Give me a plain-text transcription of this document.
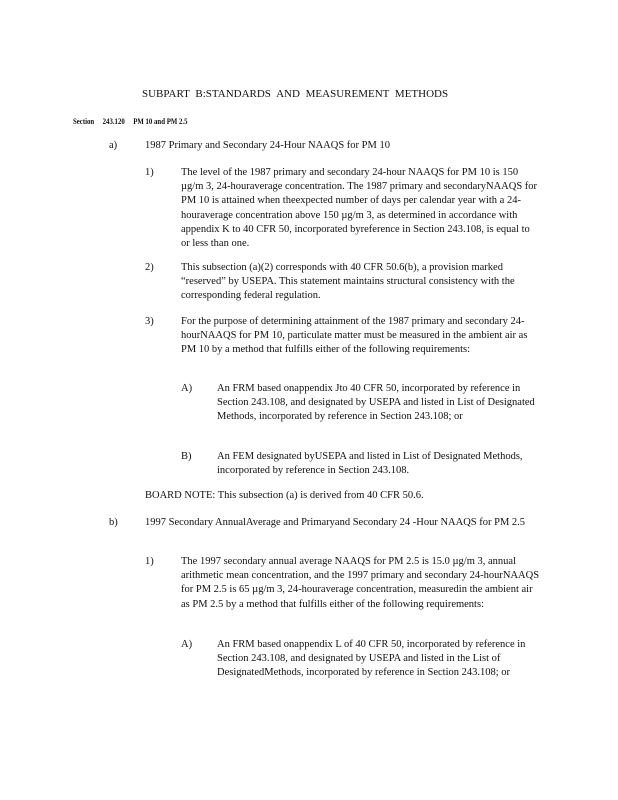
SUBPART B:STANDARDS AND MEASUREMENT METHODS
Section 243.120 PM 10 and PM 2.5
a)	1987 Primary and Secondary 24-Hour NAAQS for PM 10
1)	The level of the 1987 primary and secondary 24-hour NAAQS for PM 10 is 150 µg/m 3, 24-houraverage concentration. The 1987 primary and secondaryNAAQS for PM 10 is attained when theexpected number of days per calendar year with a 24-houraverage concentration above 150 µg/m 3, as determined in accordance with appendix K to 40 CFR 50, incorporated byreference in Section 243.108, is equal to or less than one.

2)	This subsection (a)(2) corresponds with 40 CFR 50.6(b), a provision marked “reserved” by USEPA. This statement maintains structural consistency with the corresponding federal regulation.

3)	For the purpose of determining attainment of the 1987 primary and secondary 24-hourNAAQS for PM 10, particulate matter must be measured in the ambient air as PM 10 by a method that fulfills either of the following requirements:

A) An FRM based onappendix Jto 40 CFR 50, incorporated by reference in Section 243.108, and designated by USEPA and listed in List of Designated Methods, incorporated by reference in Section 243.108; or

B) An FEM designated byUSEPA and listed in List of Designated Methods, incorporated by reference in Section 243.108.

BOARD NOTE: This subsection (a) is derived from 40 CFR 50.6.
b)	1997 Secondary AnnualAverage and Primaryand Secondary 24 -Hour NAAQS for PM 2.5
1)	The 1997 secondary annual average NAAQS for PM 2.5 is 15.0 µg/m 3, annual arithmetic mean concentration, and the 1997 primary and secondary 24-hourNAAQS for PM 2.5 is 65 µg/m 3, 24-houraverage concentration, measuredin the ambient air as PM 2.5 by a method that fulfills either of the following requirements:

A) An FRM based onappendix L of 40 CFR 50, incorporated by reference in Section 243.108, and designated by USEPA and listed in the List of DesignatedMethods, incorporated by reference in Section 243.108; or
